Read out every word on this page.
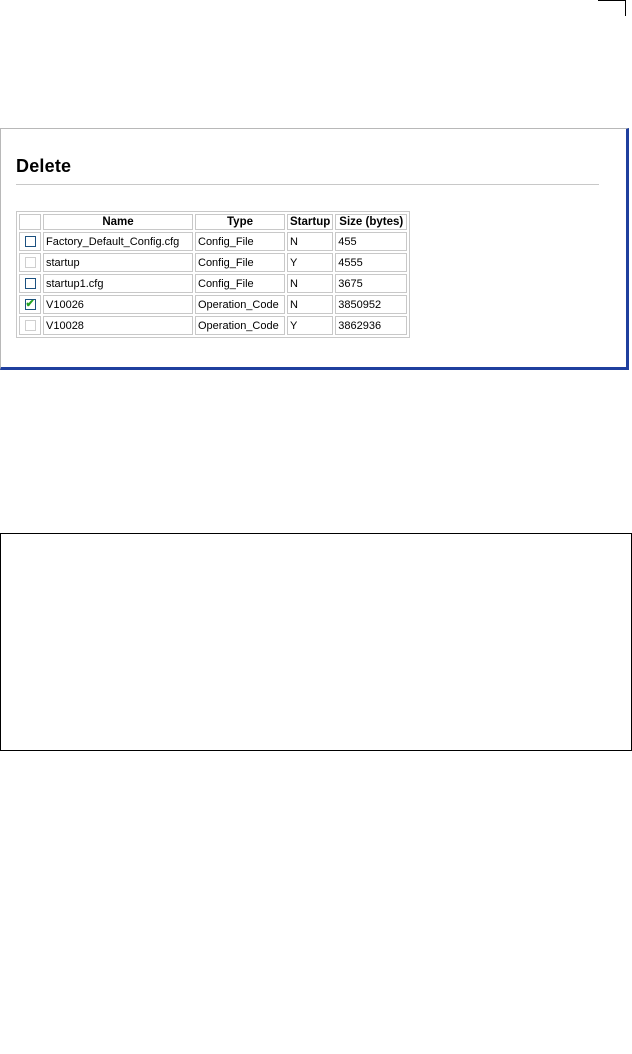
Delete
	Name	Type	Startup	Size (bytes)
	Factory_Default_Config.cfg	Config_File	N	455
	startup	Config_File	Y	4555
	startup1.cfg	Config_File	N	3675

✔	V10026	Operation_Code	N	3850952
	V10028	Operation_Code	Y	3862936
